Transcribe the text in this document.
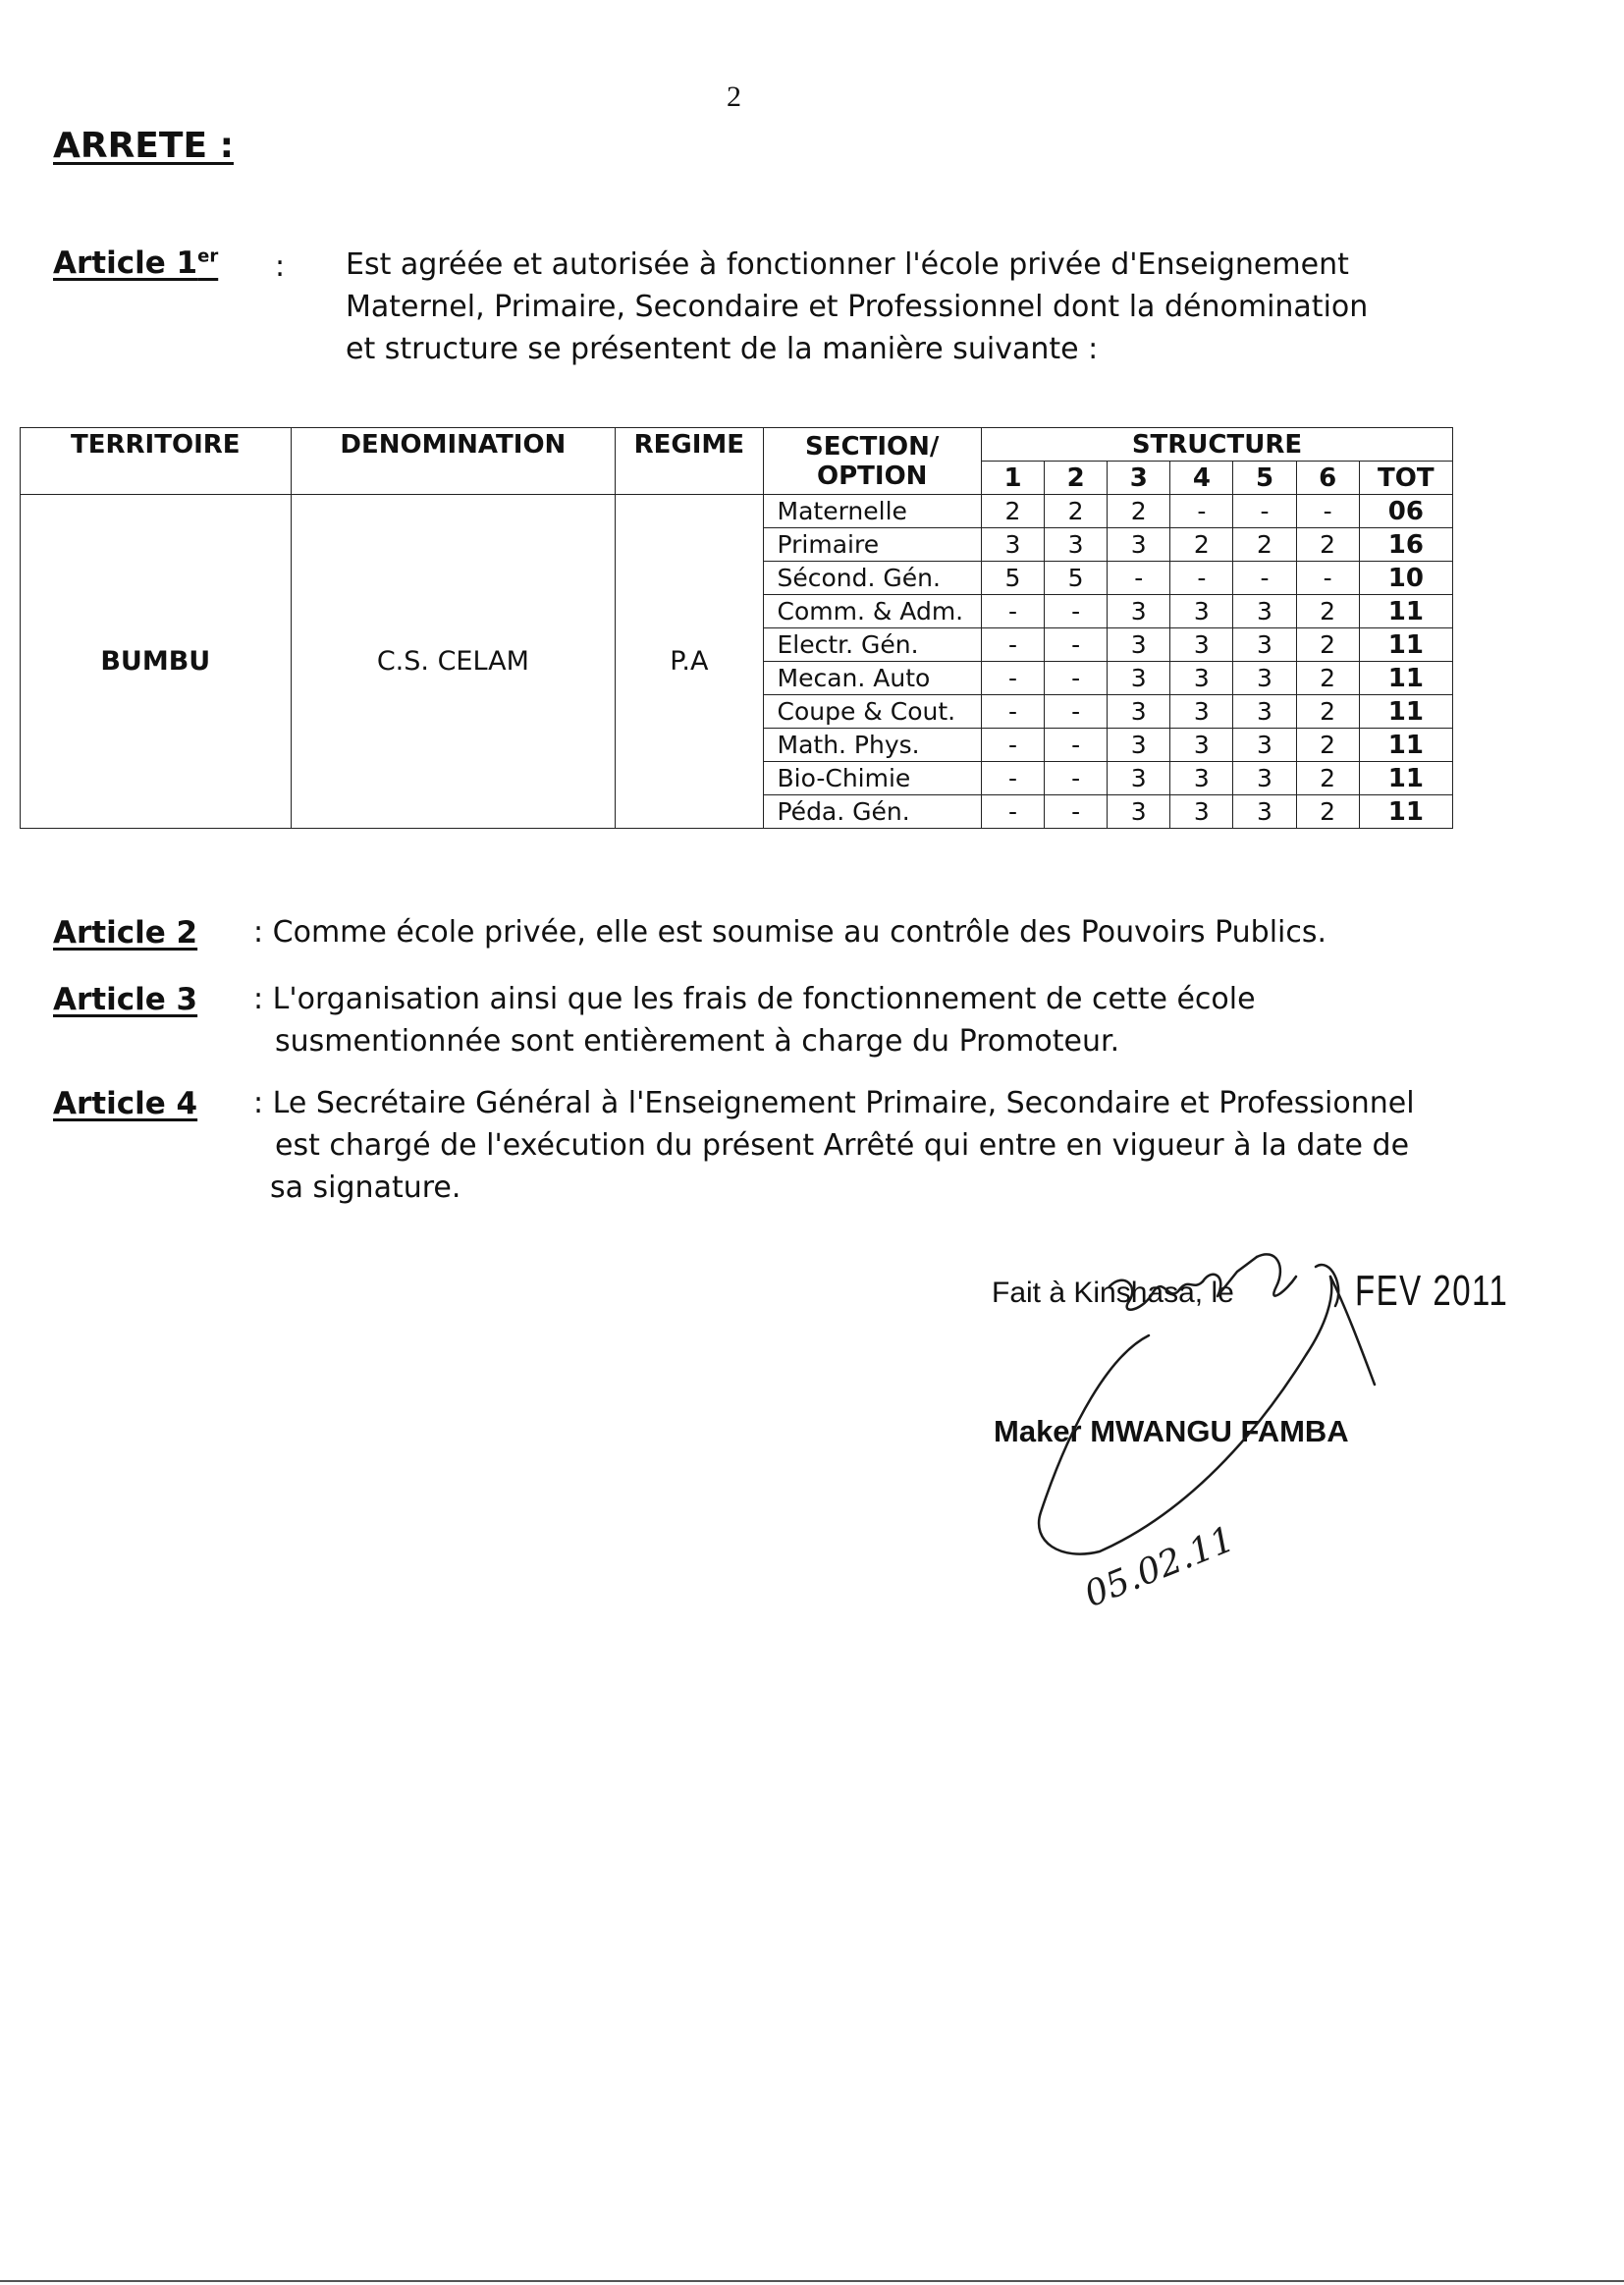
2
ARRETE :
Article 1er : Est agréée et autorisée à fonctionner l'école privée d'Enseignement
Maternel, Primaire, Secondaire et Professionnel dont la dénomination
et structure se présentent de la manière suivante :
TERRITOIRE	DENOMINATION	REGIME	SECTION/
OPTION	STRUCTURE						
				1	2	3	4	5	6	TOT
BUMBU	C.S. CELAM	P.A	Maternelle	2	2	2	-	-	-	06
			Primaire	3	3	3	2	2	2	16
			Sécond. Gén.	5	5	-	-	-	-	10
			Comm. & Adm.	-	-	3	3	3	2	11
			Electr. Gén.	-	-	3	3	3	2	11
			Mecan. Auto	-	-	3	3	3	2	11
			Coupe & Cout.	-	-	3	3	3	2	11
			Math. Phys.	-	-	3	3	3	2	11
			Bio-Chimie	-	-	3	3	3	2	11
			Péda. Gén.	-	-	3	3	3	2	11
Article 2 : Comme école privée, elle est soumise au contrôle des Pouvoirs Publics.
Article 3 : L'organisation ainsi que les frais de fonctionnement de cette école
susmentionnée sont entièrement à charge du Promoteur.
Article 4 : Le Secrétaire Général à l'Enseignement Primaire, Secondaire et Professionnel
est chargé de l'exécution du présent Arrêté qui entre en vigueur à la date de
sa signature.
Fait à Kinshasa, le	FEV 2011
Maker MWANGU FAMBA
05.02.11
